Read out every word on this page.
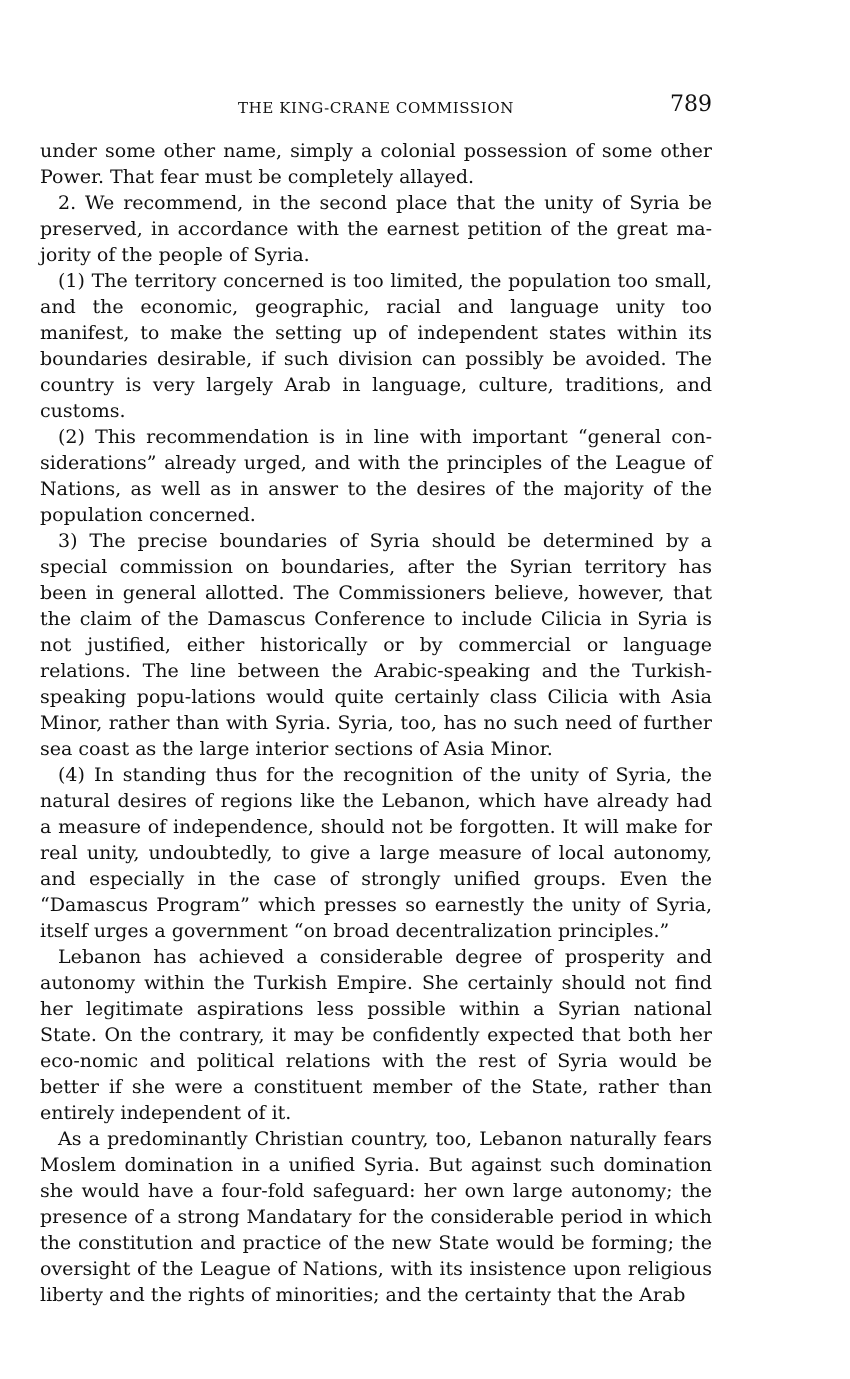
THE KING-CRANE COMMISSION	789

under some other name, simply a colonial possession of some other Power. That fear must be completely allayed.

2. We recommend, in the second place that the unity of Syria be preserved, in accordance with the earnest petition of the great ma-jority of the people of Syria.

(1) The territory concerned is too limited, the population too small, and the economic, geographic, racial and language unity too manifest, to make the setting up of independent states within its boundaries desirable, if such division can possibly be avoided. The country is very largely Arab in language, culture, traditions, and customs.

(2) This recommendation is in line with important “general con-siderations” already urged, and with the principles of the League of Nations, as well as in answer to the desires of the majority of the population concerned.

3) The precise boundaries of Syria should be determined by a special commission on boundaries, after the Syrian territory has been in general allotted. The Commissioners believe, however, that the claim of the Damascus Conference to include Cilicia in Syria is not justified, either historically or by commercial or language relations. The line between the Arabic-speaking and the Turkish-speaking popu-lations would quite certainly class Cilicia with Asia Minor, rather than with Syria. Syria, too, has no such need of further sea coast as the large interior sections of Asia Minor.

(4) In standing thus for the recognition of the unity of Syria, the natural desires of regions like the Lebanon, which have already had a measure of independence, should not be forgotten. It will make for real unity, undoubtedly, to give a large measure of local autonomy, and especially in the case of strongly unified groups. Even the “Damascus Program” which presses so earnestly the unity of Syria, itself urges a government “on broad decentralization principles.”

Lebanon has achieved a considerable degree of prosperity and autonomy within the Turkish Empire. She certainly should not find her legitimate aspirations less possible within a Syrian national State. On the contrary, it may be confidently expected that both her eco-nomic and political relations with the rest of Syria would be better if she were a constituent member of the State, rather than entirely independent of it.

As a predominantly Christian country, too, Lebanon naturally fears Moslem domination in a unified Syria. But against such domination she would have a four-fold safeguard: her own large autonomy; the presence of a strong Mandatary for the considerable period in which the constitution and practice of the new State would be forming; the oversight of the League of Nations, with its insistence upon religious liberty and the rights of minorities; and the certainty that the Arab
